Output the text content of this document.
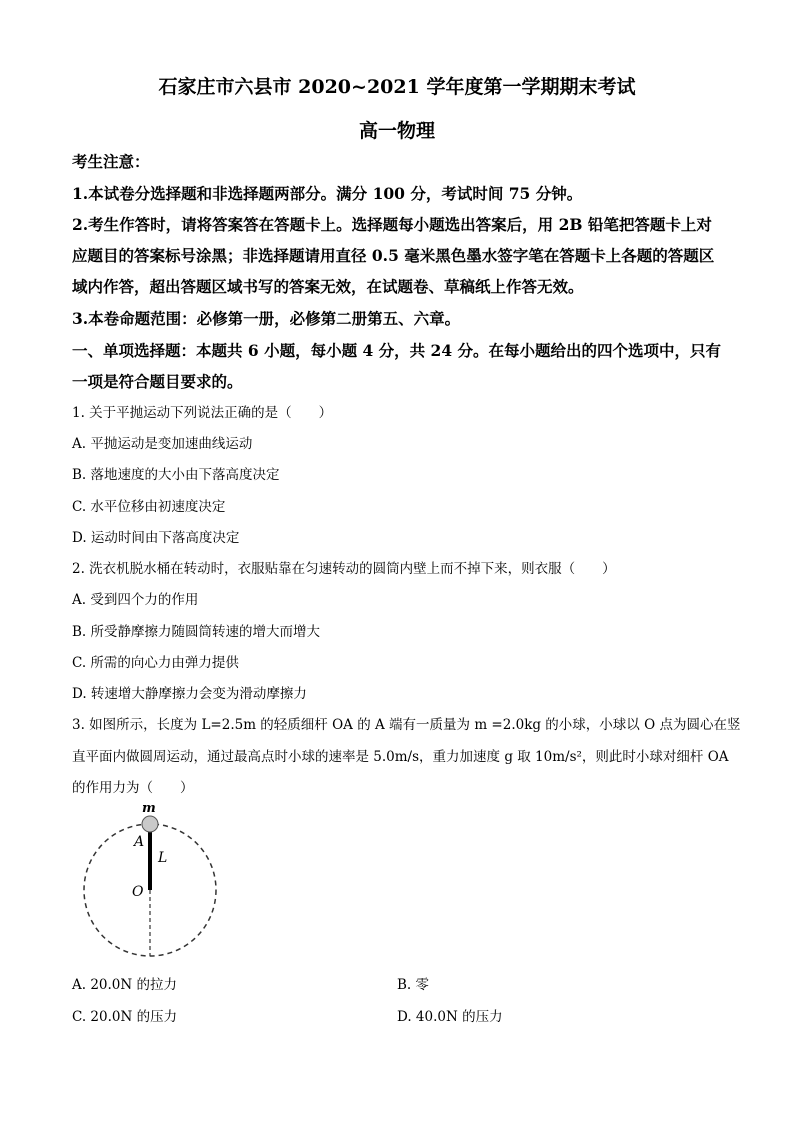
石家庄市六县市 2020~2021 学年度第一学期期末考试
高一物理
考生注意：
1.本试卷分选择题和非选择题两部分。满分 100 分，考试时间 75 分钟。
2.考生作答时，请将答案答在答题卡上。选择题每小题选出答案后，用 2B 铅笔把答题卡上对
应题目的答案标号涂黑；非选择题请用直径 0.5 毫米黑色墨水签字笔在答题卡上各题的答题区
域内作答，超出答题区域书写的答案无效，在试题卷、草稿纸上作答无效。
3.本卷命题范围：必修第一册，必修第二册第五、六章。
一、单项选择题：本题共 6 小题，每小题 4 分，共 24 分。在每小题给出的四个选项中，只有
一项是符合题目要求的。
1. 关于平抛运动下列说法正确的是（　　）
A. 平抛运动是变加速曲线运动
B. 落地速度的大小由下落高度决定
C. 水平位移由初速度决定
D. 运动时间由下落高度决定
2. 洗衣机脱水桶在转动时，衣服贴靠在匀速转动的圆筒内壁上而不掉下来，则衣服（　　）
A. 受到四个力的作用
B. 所受静摩擦力随圆筒转速的增大而增大
C. 所需的向心力由弹力提供
D. 转速增大静摩擦力会变为滑动摩擦力
3. 如图所示，长度为 L=2.5m 的轻质细杆 OA 的 A 端有一质量为 m =2.0kg 的小球，小球以 O 点为圆心在竖
直平面内做圆周运动，通过最高点时小球的速率是 5.0m/s，重力加速度 g 取 10m/s²，则此时小球对细杆 OA
的作用力为（　　）
m
A
L
O
A. 20.0N 的拉力	B. 零
C. 20.0N 的压力	D. 40.0N 的压力
